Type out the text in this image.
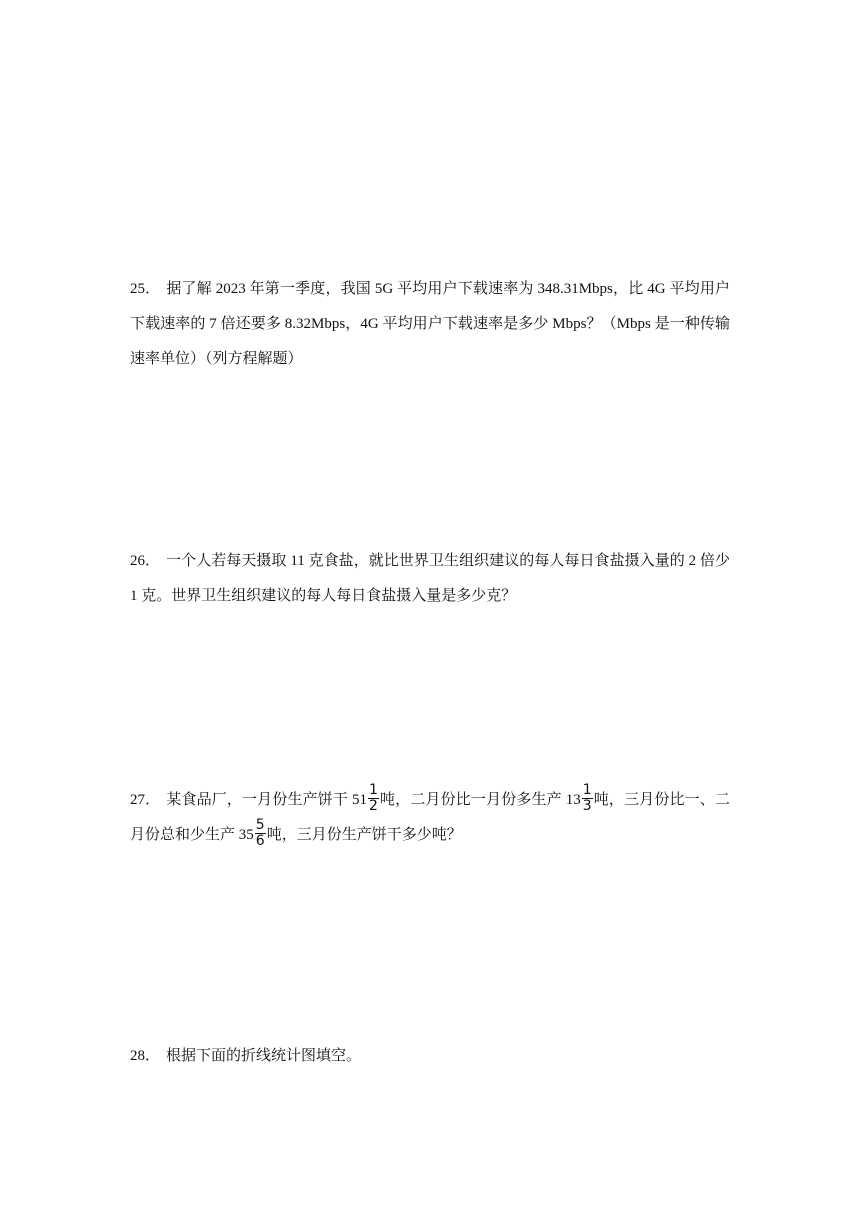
25． 据了解 2023 年第一季度，我国 5G 平均用户下载速率为 348.31Mbps，比 4G 平均用户下载速率的 7 倍还要多 8.32Mbps，4G 平均用户下载速率是多少 Mbps？（Mbps 是一种传输速率单位）（列方程解题）
26． 一个人若每天摄取 11 克食盐，就比世界卫生组织建议的每人每日食盐摄入量的 2 倍少 1 克。世界卫生组织建议的每人每日食盐摄入量是多少克？
27． 某食品厂，一月份生产饼干 $51 \frac{1}{2}$ 吨，二月份比一月份多生产 $13 \frac{1}{3}$ 吨，三月份比一、二月份总和少生产 $35 \frac{5}{6}$ 吨，三月份生产饼干多少吨？
28． 根据下面的折线统计图填空。
